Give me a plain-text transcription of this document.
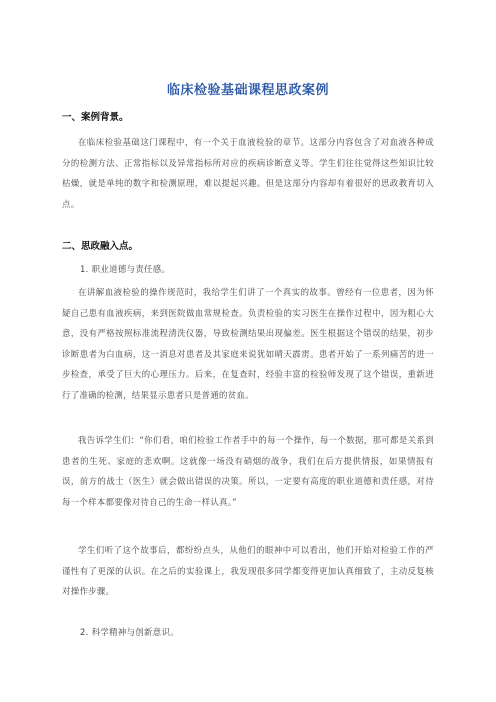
临床检验基础课程思政案例
一、案例背景。
在临床检验基础这门课程中，有一个关于血液检验的章节。这部分内容包含了对血液各种成分的检测方法、正常指标以及异常指标所对应的疾病诊断意义等。学生们往往觉得这些知识比较枯燥，就是单纯的数字和检测原理，难以提起兴趣。但是这部分内容却有着很好的思政教育切入点。
二、思政融入点。
1. 职业道德与责任感。
在讲解血液检验的操作规范时，我给学生们讲了一个真实的故事。曾经有一位患者，因为怀疑自己患有血液疾病，来到医院做血常规检查。负责检验的实习医生在操作过程中，因为粗心大意，没有严格按照标准流程清洗仪器，导致检测结果出现偏差。医生根据这个错误的结果，初步诊断患者为白血病，这一消息对患者及其家庭来说犹如晴天霹雳。患者开始了一系列痛苦的进一步检查，承受了巨大的心理压力。后来，在复查时，经验丰富的检验师发现了这个错误，重新进行了准确的检测，结果显示患者只是普通的贫血。
我告诉学生们：“你们看，咱们检验工作者手中的每一个操作，每一个数据，那可都是关系到患者的生死、家庭的悲欢啊。这就像一场没有硝烟的战争，我们在后方提供情报，如果情报有误，前方的战士（医生）就会做出错误的决策。所以，一定要有高度的职业道德和责任感，对待每一个样本都要像对待自己的生命一样认真。”
学生们听了这个故事后，都纷纷点头，从他们的眼神中可以看出，他们开始对检验工作的严谨性有了更深的认识。在之后的实验课上，我发现很多同学都变得更加认真细致了，主动反复核对操作步骤。
2. 科学精神与创新意识。
